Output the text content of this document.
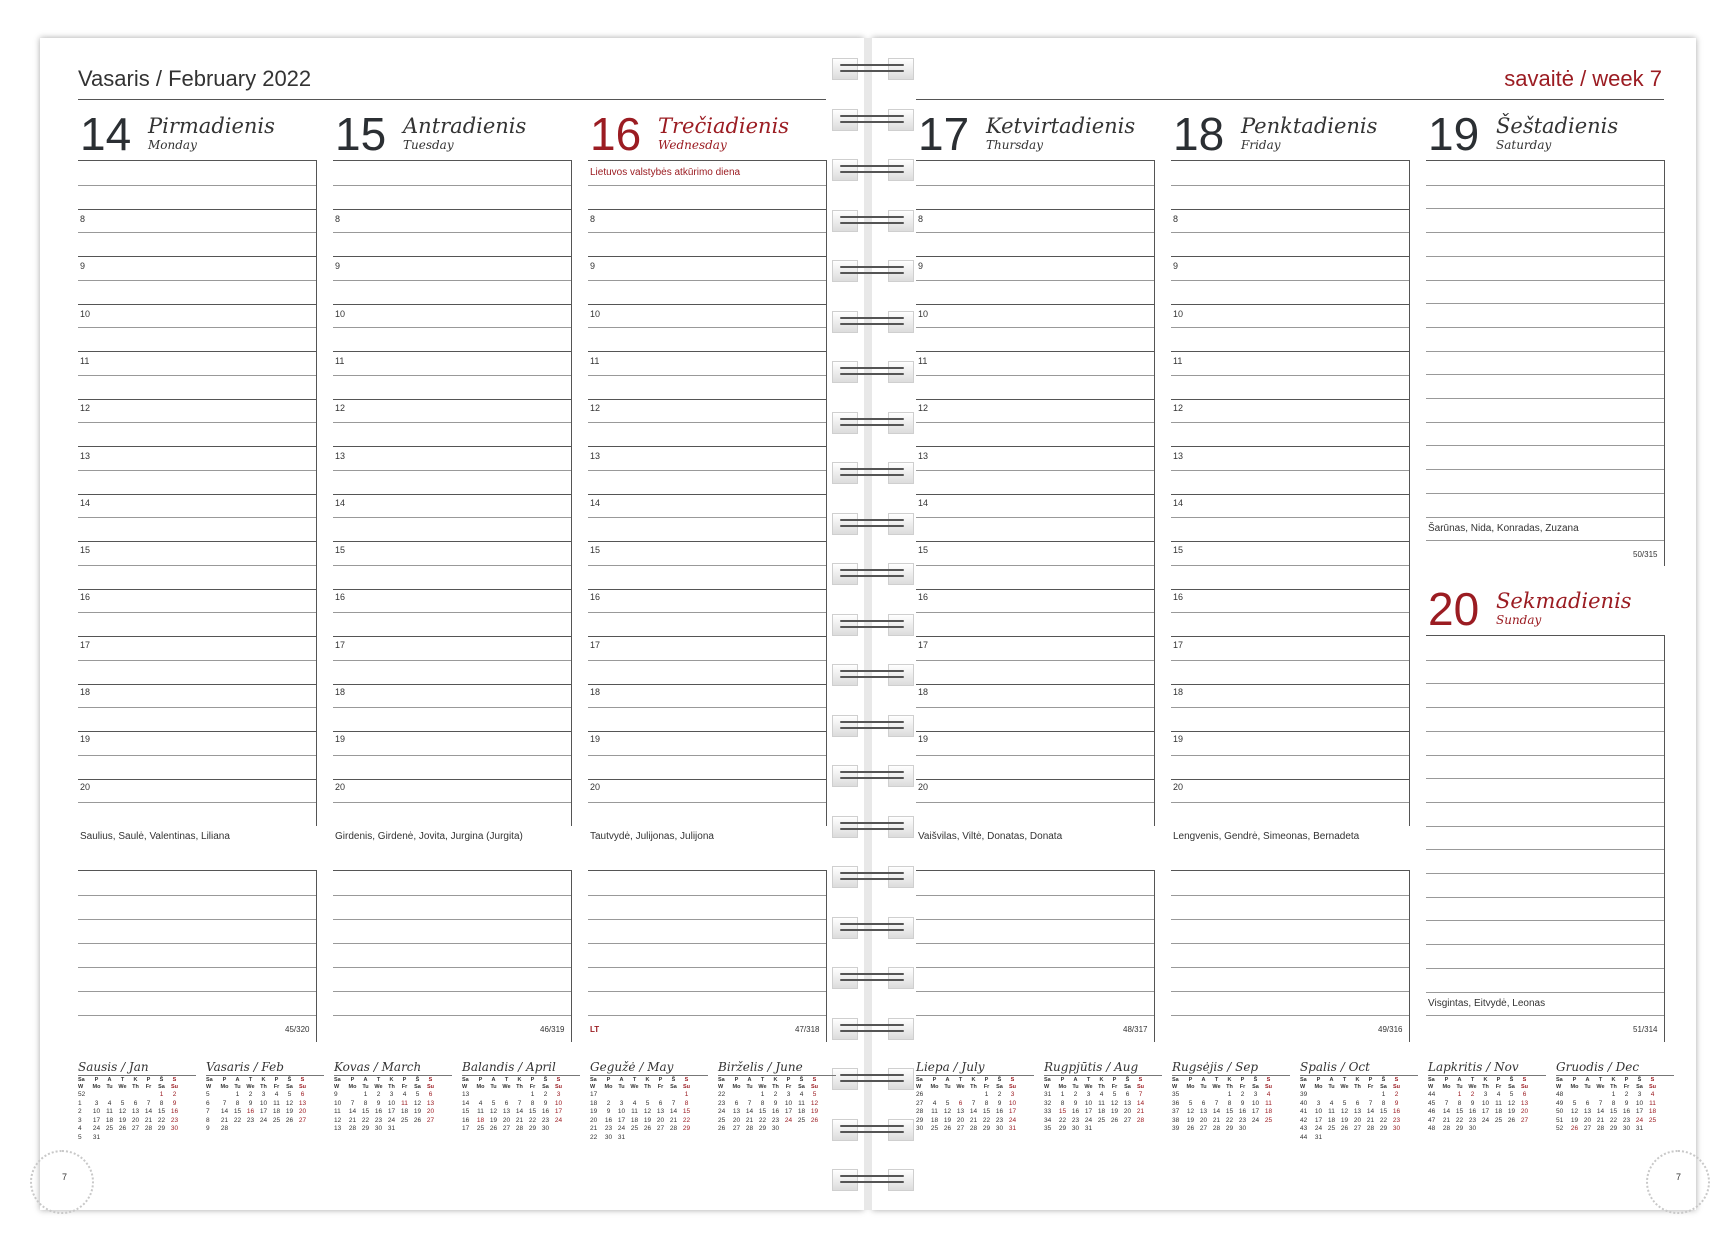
Vasaris / February 2022	savaitė / week 7
14 Pirmadienis
Monday
8
9
10
11
12
13
14
15
16
17
18
19
20
Saulius, Saulė, Valentinas, Liliana
45/320
15 Antradienis
Tuesday
8
9
10
11
12
13
14
15
16
17
18
19
20
Girdenis, Girdenė, Jovita, Jurgina (Jurgita)
46/319
16 Trečiadienis
Wednesday
8
9
10
11
12
13
14
15
16
17
18
19
20
Lietuvos valstybės atkūrimo diena
Tautvydė, Julijonas, Julijona
47/318
LT
17 Ketvirtadienis
Thursday
8
9
10
11
12
13
14
15
16
17
18
19
20
Vaišvilas, Viltė, Donatas, Donata
48/317
18 Penktadienis
Friday
8
9
10
11
12
13
14
15
16
17
18
19
20
Lengvenis, Gendrė, Simeonas, Bernadeta
49/316
19 Šeštadienis
Saturday
Šarūnas, Nida, Konradas, Zuzana
50/315
20 Sekmadienis
Sunday
Visgintas, Eitvydė, Leonas
51/314
Sausis / Jan
Sa	P	A	T	K	P	Š	S
W	Mo	Tu	We	Th	Fr	Sa	Su
52						1	2
1	3	4	5	6	7	8	9
2	10	11	12	13	14	15	16
3	17	18	19	20	21	22	23
4	24	25	26	27	28	29	30
5	31						
Vasaris / Feb
Sa	P	A	T	K	P	Š	S
W	Mo	Tu	We	Th	Fr	Sa	Su
5		1	2	3	4	5	6
6	7	8	9	10	11	12	13
7	14	15	16	17	18	19	20
8	21	22	23	24	25	26	27
9	28						
Kovas / March
Sa	P	A	T	K	P	Š	S
W	Mo	Tu	We	Th	Fr	Sa	Su
9		1	2	3	4	5	6
10	7	8	9	10	11	12	13
11	14	15	16	17	18	19	20
12	21	22	23	24	25	26	27
13	28	29	30	31			
Balandis / April
Sa	P	A	T	K	P	Š	S
W	Mo	Tu	We	Th	Fr	Sa	Su
13					1	2	3
14	4	5	6	7	8	9	10
15	11	12	13	14	15	16	17
16	18	19	20	21	22	23	24
17	25	26	27	28	29	30	
Gegužė / May
Sa	P	A	T	K	P	Š	S
W	Mo	Tu	We	Th	Fr	Sa	Su
17							1
18	2	3	4	5	6	7	8
19	9	10	11	12	13	14	15
20	16	17	18	19	20	21	22
21	23	24	25	26	27	28	29
22	30	31					
Birželis / June
Sa	P	A	T	K	P	Š	S
W	Mo	Tu	We	Th	Fr	Sa	Su
22			1	2	3	4	5
23	6	7	8	9	10	11	12
24	13	14	15	16	17	18	19
25	20	21	22	23	24	25	26
26	27	28	29	30			
Liepa / July
Sa	P	A	T	K	P	Š	S
W	Mo	Tu	We	Th	Fr	Sa	Su
26					1	2	3
27	4	5	6	7	8	9	10
28	11	12	13	14	15	16	17
29	18	19	20	21	22	23	24
30	25	26	27	28	29	30	31
Rugpjūtis / Aug
Sa	P	A	T	K	P	Š	S
W	Mo	Tu	We	Th	Fr	Sa	Su
31	1	2	3	4	5	6	7
32	8	9	10	11	12	13	14
33	15	16	17	18	19	20	21
34	22	23	24	25	26	27	28
35	29	30	31				
Rugsėjis / Sep
Sa	P	A	T	K	P	Š	S
W	Mo	Tu	We	Th	Fr	Sa	Su
35				1	2	3	4
36	5	6	7	8	9	10	11
37	12	13	14	15	16	17	18
38	19	20	21	22	23	24	25
39	26	27	28	29	30		
Spalis / Oct
Sa	P	A	T	K	P	Š	S
W	Mo	Tu	We	Th	Fr	Sa	Su
39						1	2
40	3	4	5	6	7	8	9
41	10	11	12	13	14	15	16
42	17	18	19	20	21	22	23
43	24	25	26	27	28	29	30
44	31						
Lapkritis / Nov
Sa	P	A	T	K	P	Š	S
W	Mo	Tu	We	Th	Fr	Sa	Su
44		1	2	3	4	5	6
45	7	8	9	10	11	12	13
46	14	15	16	17	18	19	20
47	21	22	23	24	25	26	27
48	28	29	30				
Gruodis / Dec
Sa	P	A	T	K	P	Š	S
W	Mo	Tu	We	Th	Fr	Sa	Su
48				1	2	3	4
49	5	6	7	8	9	10	11
50	12	13	14	15	16	17	18
51	19	20	21	22	23	24	25
52	26	27	28	29	30	31	
7	7
